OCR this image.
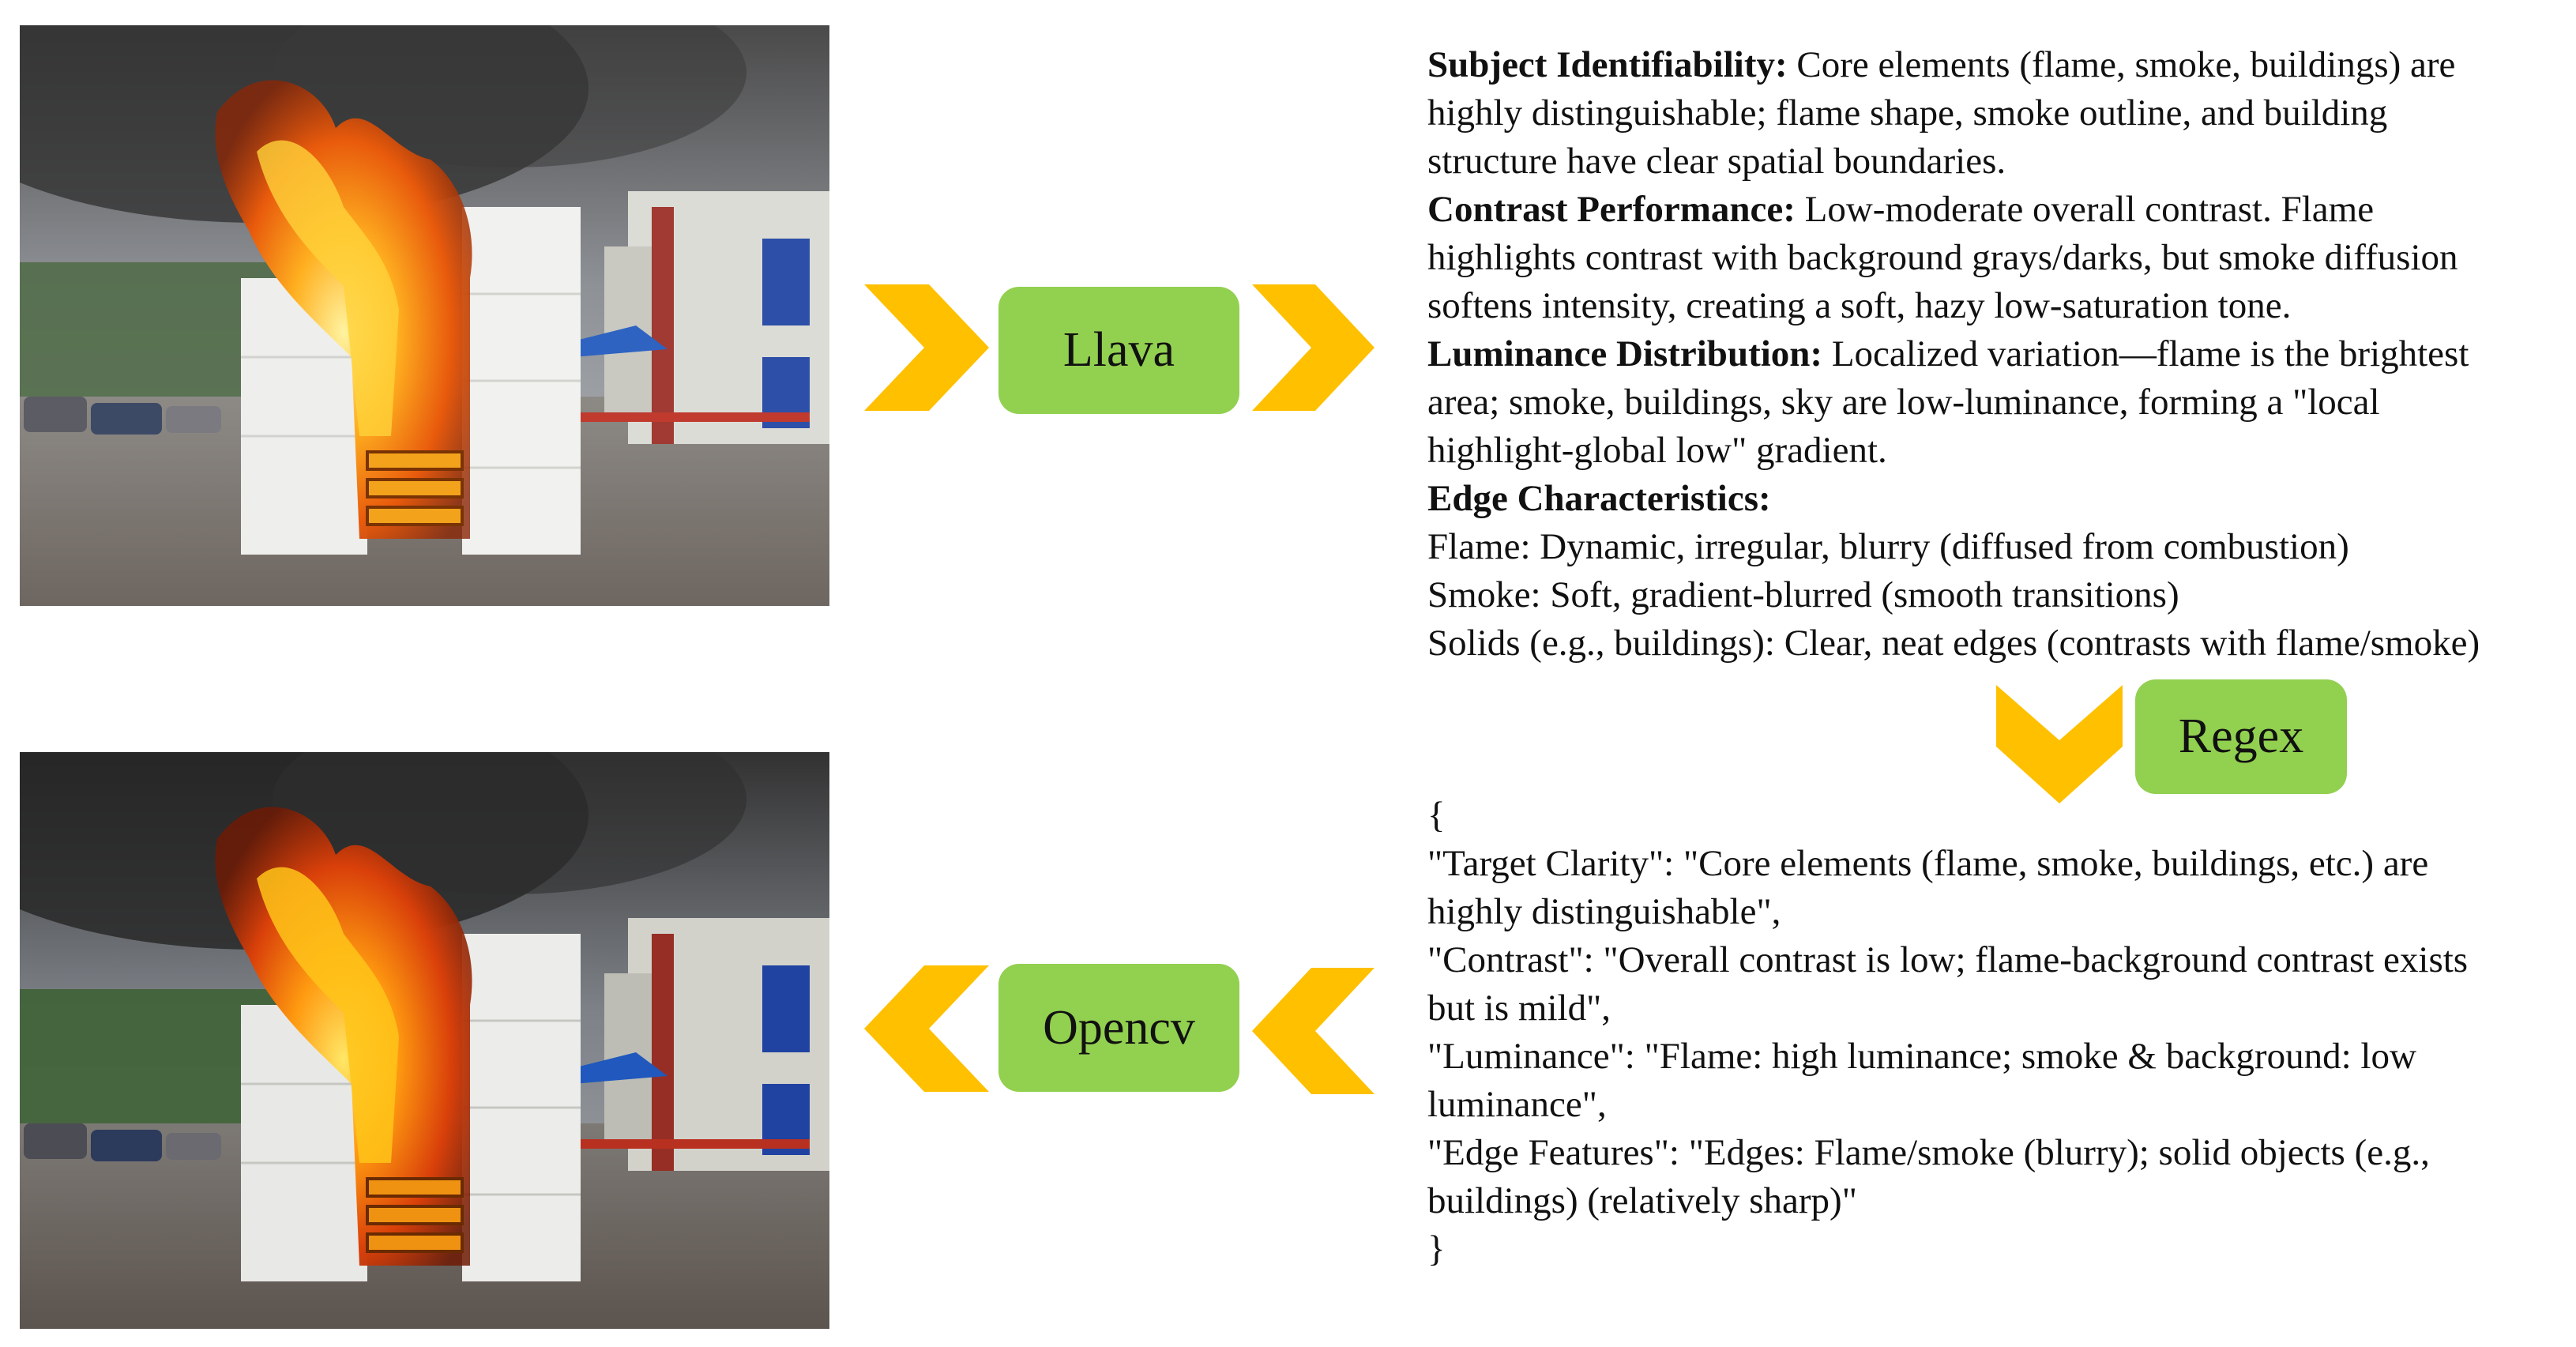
Llava
Regex
Opencv
Subject Identifiability: Core elements (flame, smoke, buildings) are
highly distinguishable; flame shape, smoke outline, and building
structure have clear spatial boundaries.
Contrast Performance: Low-moderate overall contrast. Flame
highlights contrast with background grays/darks, but smoke diffusion
softens intensity, creating a soft, hazy low-saturation tone.
Luminance Distribution: Localized variation—flame is the brightest
area; smoke, buildings, sky are low-luminance, forming a "local
highlight-global low" gradient.
Edge Characteristics:
Flame: Dynamic, irregular, blurry (diffused from combustion)
Smoke: Soft, gradient-blurred (smooth transitions)
Solids (e.g., buildings): Clear, neat edges (contrasts with flame/smoke)
{
"Target Clarity": "Core elements (flame, smoke, buildings, etc.) are
highly distinguishable",
"Contrast": "Overall contrast is low; flame-background contrast exists
but is mild",
"Luminance": "Flame: high luminance; smoke & background: low
luminance",
"Edge Features": "Edges: Flame/smoke (blurry); solid objects (e.g.,
buildings) (relatively sharp)"
}
